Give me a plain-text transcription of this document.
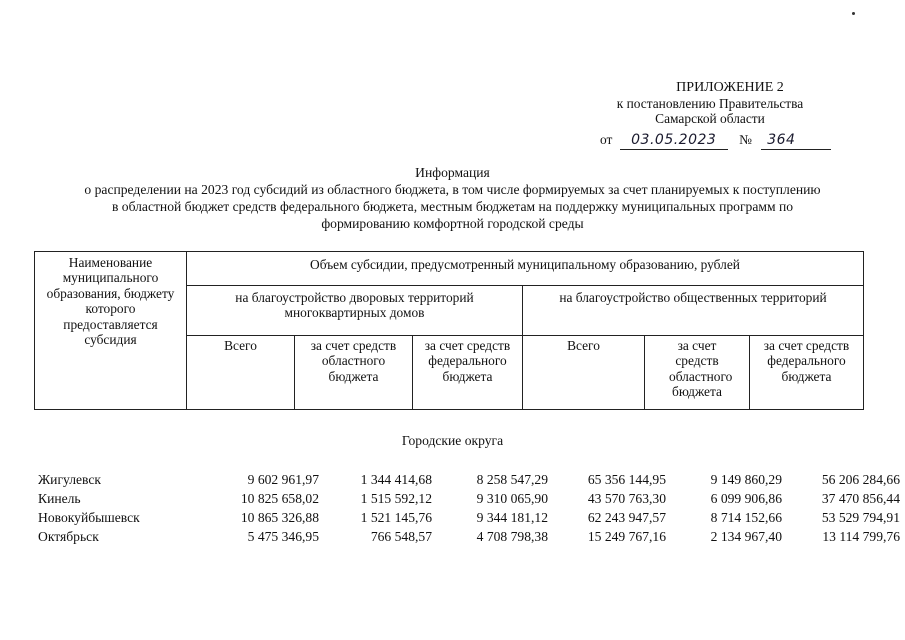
ПРИЛОЖЕНИЕ 2
к постановлению Правительства
Самарской области
от 03.05.2023 № 364
Информация
о распределении на 2023 год субсидий из областного бюджета, в том числе формируемых за счет планируемых к поступлению
в областной бюджет средств федерального бюджета, местным бюджетам на поддержку муниципальных программ по
формированию комфортной городской среды
Наименование муниципального образования, бюджету которого предоставляется субсидия	Объем субсидии, предусмотренный муниципальному образованию, рублей					
	на благоустройство дворовых территорий многоквартирных домов			на благоустройство общественных территорий		
	Всего	за счет средств областного бюджета	за счет средств федерального бюджета	Всего	за счет средств областного бюджета	за счет средств федерального бюджета
Городские округа
Жигулевск	9 602 961,97	1 344 414,68	8 258 547,29	65 356 144,95	9 149 860,29	56 206 284,66
Кинель	10 825 658,02	1 515 592,12	9 310 065,90	43 570 763,30	6 099 906,86	37 470 856,44
Новокуйбышевск	10 865 326,88	1 521 145,76	9 344 181,12	62 243 947,57	8 714 152,66	53 529 794,91
Октябрьск	5 475 346,95	766 548,57	4 708 798,38	15 249 767,16	2 134 967,40	13 114 799,76
